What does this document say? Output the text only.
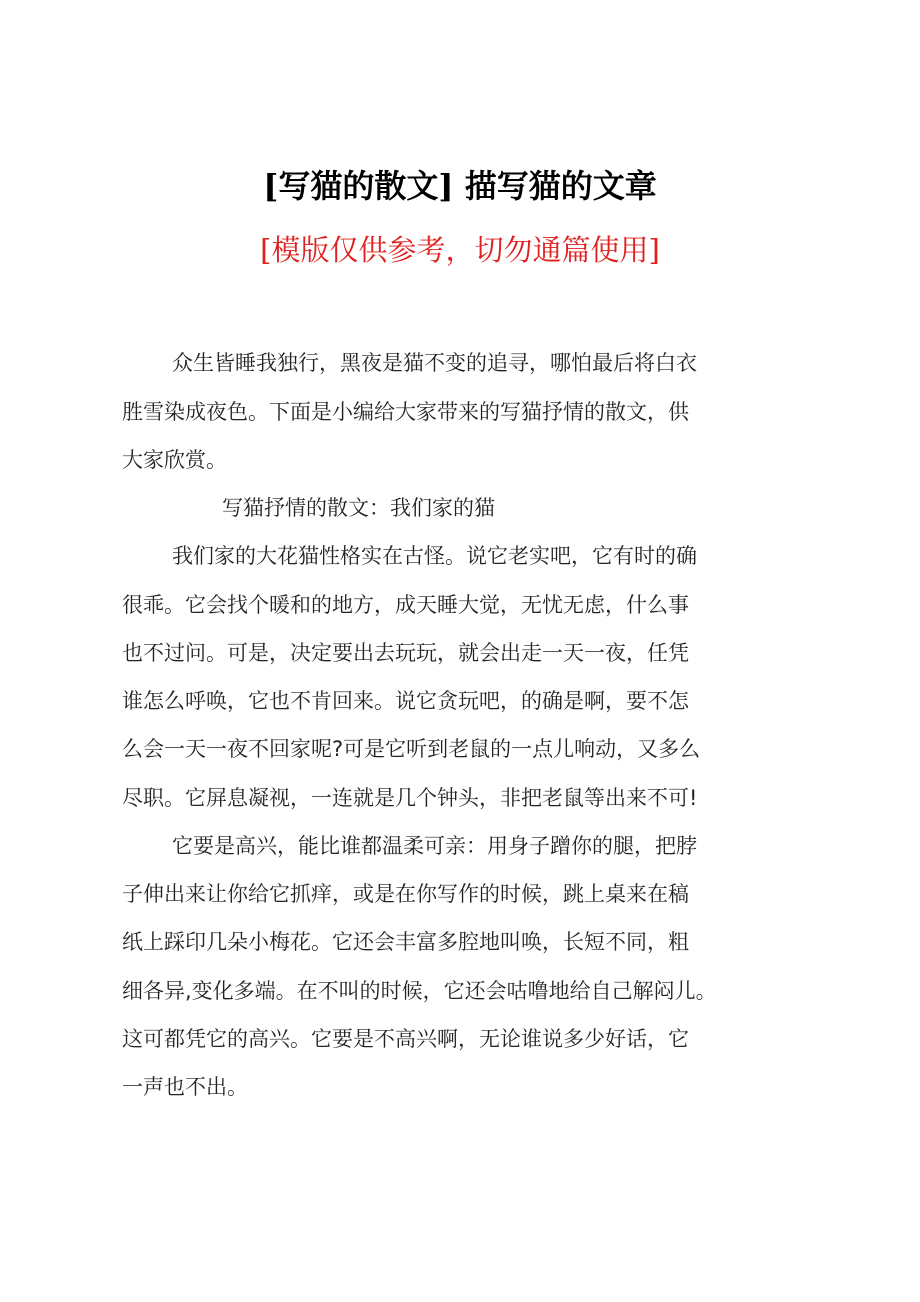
[写猫的散文] 描写猫的文章
[模版仅供参考，切勿通篇使用]

众生皆睡我独行，黑夜是猫不变的追寻，哪怕最后将白衣

胜雪染成夜色。下面是小编给大家带来的写猫抒情的散文，供

大家欣赏。

写猫抒情的散文：我们家的猫

我们家的大花猫性格实在古怪。说它老实吧，它有时的确

很乖。它会找个暖和的地方，成天睡大觉，无忧无虑，什么事

也不过问。可是，决定要出去玩玩，就会出走一天一夜，任凭

谁怎么呼唤，它也不肯回来。说它贪玩吧，的确是啊，要不怎

么会一天一夜不回家呢?可是它听到老鼠的一点儿响动，又多么

尽职。它屏息凝视，一连就是几个钟头，非把老鼠等出来不可!

它要是高兴，能比谁都温柔可亲：用身子蹭你的腿，把脖

子伸出来让你给它抓痒，或是在你写作的时候，跳上桌来在稿

纸上踩印几朵小梅花。它还会丰富多腔地叫唤，长短不同，粗

细各异,变化多端。在不叫的时候，它还会咕噜地给自己解闷儿。

这可都凭它的高兴。它要是不高兴啊，无论谁说多少好话，它

一声也不出。
